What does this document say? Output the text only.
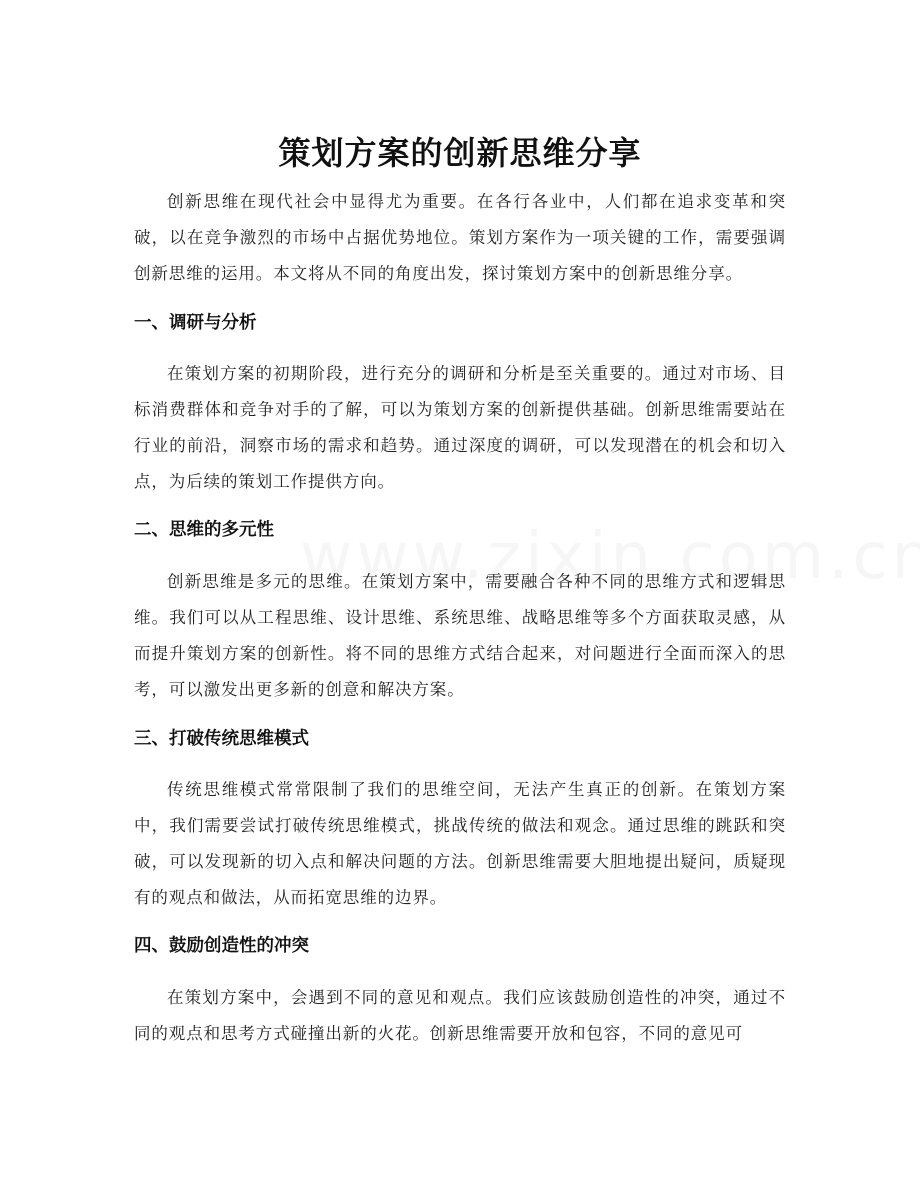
策划方案的创新思维分享

创新思维在现代社会中显得尤为重要。在各行各业中，人们都在追求变革和突破，以在竞争激烈的市场中占据优势地位。策划方案作为一项关键的工作，需要强调创新思维的运用。本文将从不同的角度出发，探讨策划方案中的创新思维分享。

一、调研与分析

在策划方案的初期阶段，进行充分的调研和分析是至关重要的。通过对市场、目标消费群体和竞争对手的了解，可以为策划方案的创新提供基础。创新思维需要站在行业的前沿，洞察市场的需求和趋势。通过深度的调研，可以发现潜在的机会和切入点，为后续的策划工作提供方向。

二、思维的多元性

创新思维是多元的思维。在策划方案中，需要融合各种不同的思维方式和逻辑思维。我们可以从工程思维、设计思维、系统思维、战略思维等多个方面获取灵感，从而提升策划方案的创新性。将不同的思维方式结合起来，对问题进行全面而深入的思考，可以激发出更多新的创意和解决方案。

三、打破传统思维模式

传统思维模式常常限制了我们的思维空间，无法产生真正的创新。在策划方案中，我们需要尝试打破传统思维模式，挑战传统的做法和观念。通过思维的跳跃和突破，可以发现新的切入点和解决问题的方法。创新思维需要大胆地提出疑问，质疑现有的观点和做法，从而拓宽思维的边界。

四、鼓励创造性的冲突

在策划方案中，会遇到不同的意见和观点。我们应该鼓励创造性的冲突，通过不同的观点和思考方式碰撞出新的火花。创新思维需要开放和包容，不同的意见可
